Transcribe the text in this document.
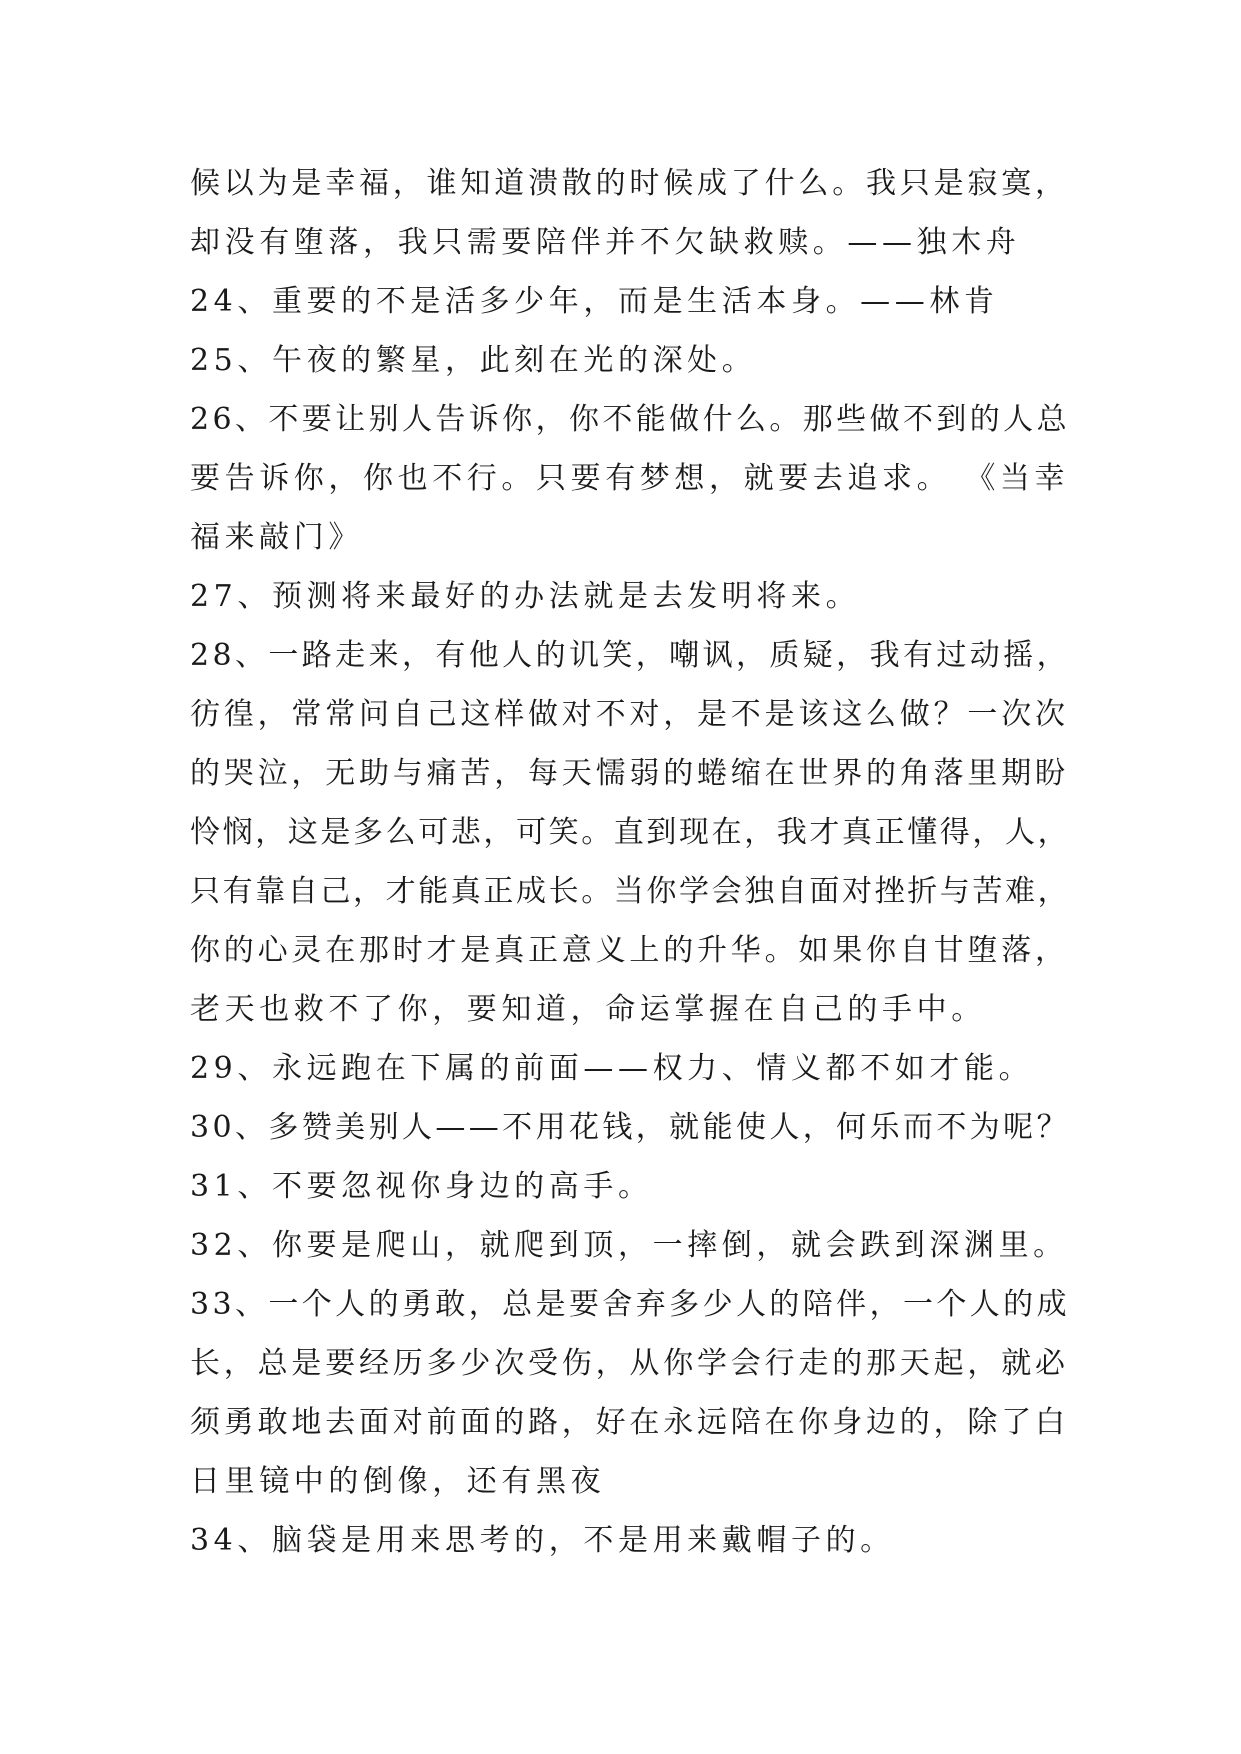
候以为是幸福，谁知道溃散的时候成了什么。我只是寂寞，
却没有堕落，我只需要陪伴并不欠缺救赎。——独木舟
24、重要的不是活多少年，而是生活本身。——林肯
25、午夜的繁星，此刻在光的深处。
26、不要让别人告诉你，你不能做什么。那些做不到的人总
要告诉你，你也不行。只要有梦想，就要去追求。 《当幸
福来敲门》
27、预测将来最好的办法就是去发明将来。
28、一路走来，有他人的讥笑，嘲讽，质疑，我有过动摇，
彷徨，常常问自己这样做对不对，是不是该这么做？一次次
的哭泣，无助与痛苦，每天懦弱的蜷缩在世界的角落里期盼
怜悯，这是多么可悲，可笑。直到现在，我才真正懂得，人，
只有靠自己，才能真正成长。当你学会独自面对挫折与苦难，
你的心灵在那时才是真正意义上的升华。如果你自甘堕落，
老天也救不了你，要知道，命运掌握在自己的手中。
29、永远跑在下属的前面——权力、情义都不如才能。
30、多赞美别人——不用花钱，就能使人，何乐而不为呢？
31、不要忽视你身边的高手。
32、你要是爬山，就爬到顶，一摔倒，就会跌到深渊里。
33、一个人的勇敢，总是要舍弃多少人的陪伴，一个人的成
长，总是要经历多少次受伤，从你学会行走的那天起，就必
须勇敢地去面对前面的路，好在永远陪在你身边的，除了白
日里镜中的倒像，还有黑夜
34、脑袋是用来思考的，不是用来戴帽子的。
